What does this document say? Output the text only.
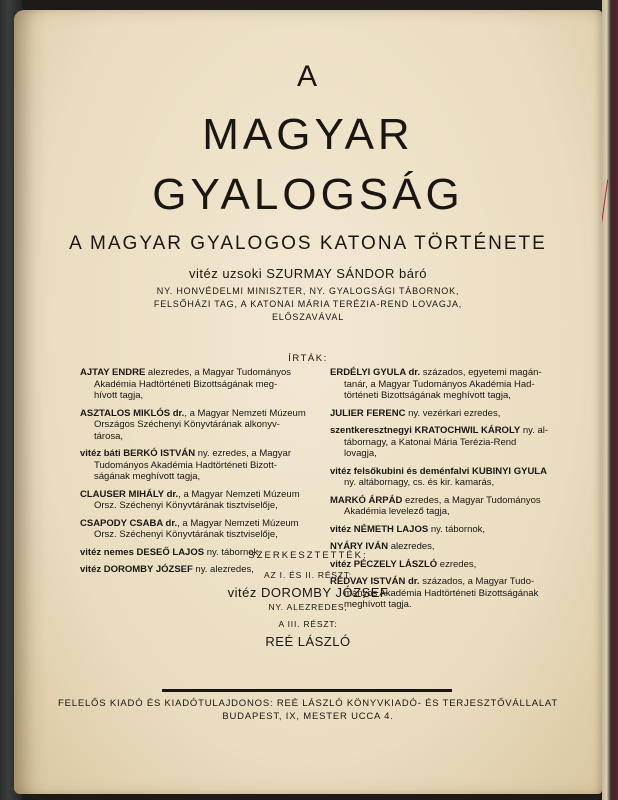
A
MAGYAR
GYALOGSÁG
A MAGYAR GYALOGOS KATONA TÖRTÉNETE
vitéz uzsoki SZURMAY SÁNDOR báró
NY. HONVÉDELMI MINISZTER, NY. GYALOGSÁGI TÁBORNOK,
FELSŐHÁZI TAG, A KATONAI MÁRIA TERÉZIA-REND LOVAGJA,
ELŐSZAVÁVAL
ÍRTÁK:
AJTAY ENDRE alezredes, a Magyar Tudományos
Akadémia Hadtörténeti Bizottságának meg-
hívott tagja,
ASZTALOS MIKLÓS dr., a Magyar Nemzeti Múzeum
Országos Széchenyi Könyvtárának alkonyv-
tárosa,
vitéz báti BERKÓ ISTVÁN ny. ezredes, a Magyar
Tudományos Akadémia Hadtörténeti Bizott-
ságának meghívott tagja,
CLAUSER MIHÁLY dr., a Magyar Nemzeti Múzeum
Orsz. Széchenyi Könyvtárának tisztviselője,
CSAPODY CSABA dr., a Magyar Nemzeti Múzeum
Orsz. Széchenyi Könyvtárának tisztviselője,
vitéz nemes DESEŐ LAJOS ny. tábornok,
vitéz DOROMBY JÓZSEF ny. alezredes,
ERDÉLYI GYULA dr. százados, egyetemi magán-
tanár, a Magyar Tudományos Akadémia Had-
történeti Bizottságának meghívott tagja,
JULIER FERENC ny. vezérkari ezredes,
szentkeresztnegyi KRATOCHWIL KÁROLY ny. al-
tábornagy, a Katonai Mária Terézia-Rend
lovagja,
vitéz felsőkubini és deménfalvi KUBINYI GYULA
ny. altábornagy, cs. és kir. kamarás,
MARKÓ ÁRPÁD ezredes, a Magyar Tudományos
Akadémia levelező tagja,
vitéz NÉMETH LAJOS ny. tábornok,
NYÁRY IVÁN alezredes,
vitéz PÉCZELY LÁSZLÓ ezredes,
RÉDVAY ISTVÁN dr. százados, a Magyar Tudo-
mányos Akadémia Hadtörténeti Bizottságának
meghívott tagja.
SZERKESZTETTÉK:
AZ I. ÉS II. RÉSZT:
vitéz DOROMBY JÓZSEF
NY. ALEZREDES,
A III. RÉSZT:
REÉ LÁSZLÓ
FELELŐS KIADÓ ÉS KIADÓTULAJDONOS: REÉ LÁSZLÓ KÖNYVKIADÓ- ÉS TERJESZTŐVÁLLALAT
BUDAPEST, IX, MESTER UCCA 4.
